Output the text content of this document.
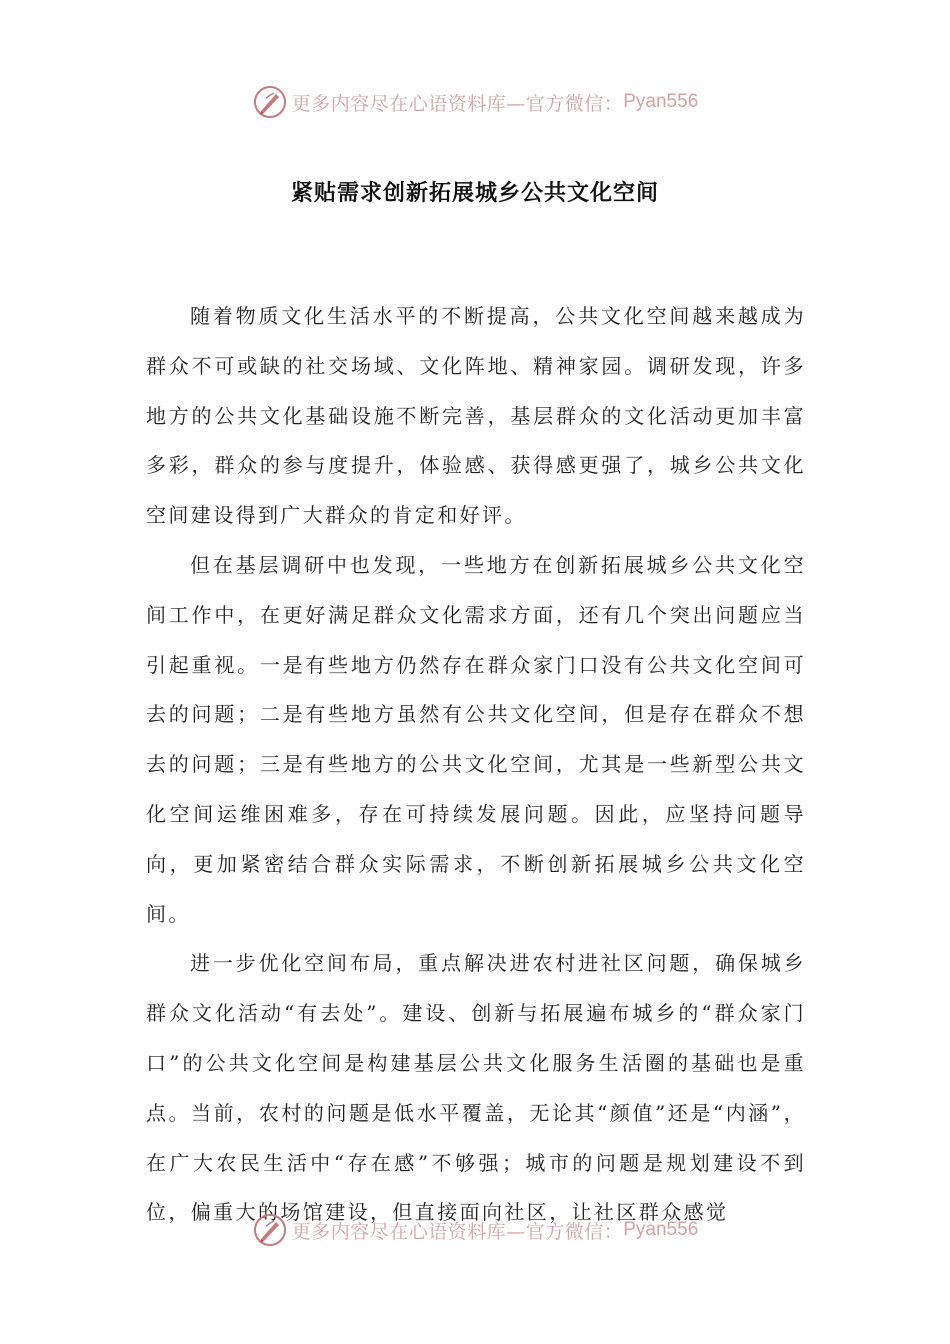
更多内容尽在心语资料库—官方微信： Pyan556
紧贴需求创新拓展城乡公共文化空间

随着物质文化生活水平的不断提高，公共文化空间越来越成为群众不可或缺的社交场域、文化阵地、精神家园。调研发现，许多地方的公共文化基础设施不断完善，基层群众的文化活动更加丰富多彩，群众的参与度提升，体验感、获得感更强了，城乡公共文化空间建设得到广大群众的肯定和好评。

但在基层调研中也发现，一些地方在创新拓展城乡公共文化空间工作中，在更好满足群众文化需求方面，还有几个突出问题应当引起重视。一是有些地方仍然存在群众家门口没有公共文化空间可去的问题；二是有些地方虽然有公共文化空间，但是存在群众不想去的问题；三是有些地方的公共文化空间，尤其是一些新型公共文化空间运维困难多，存在可持续发展问题。因此，应坚持问题导向，更加紧密结合群众实际需求，不断创新拓展城乡公共文化空间。

进一步优化空间布局，重点解决进农村进社区问题，确保城乡群众文化活动“有去处”。建设、创新与拓展遍布城乡的“群众家门口”的公共文化空间是构建基层公共文化服务生活圈的基础也是重点。当前，农村的问题是低水平覆盖，无论其“颜值”还是“内涵”，在广大农民生活中“存在感”不够强；城市的问题是规划建设不到位，偏重大的场馆建设，但直接面向社区，让社区群众感觉

更多内容尽在心语资料库—官方微信： Pyan556
